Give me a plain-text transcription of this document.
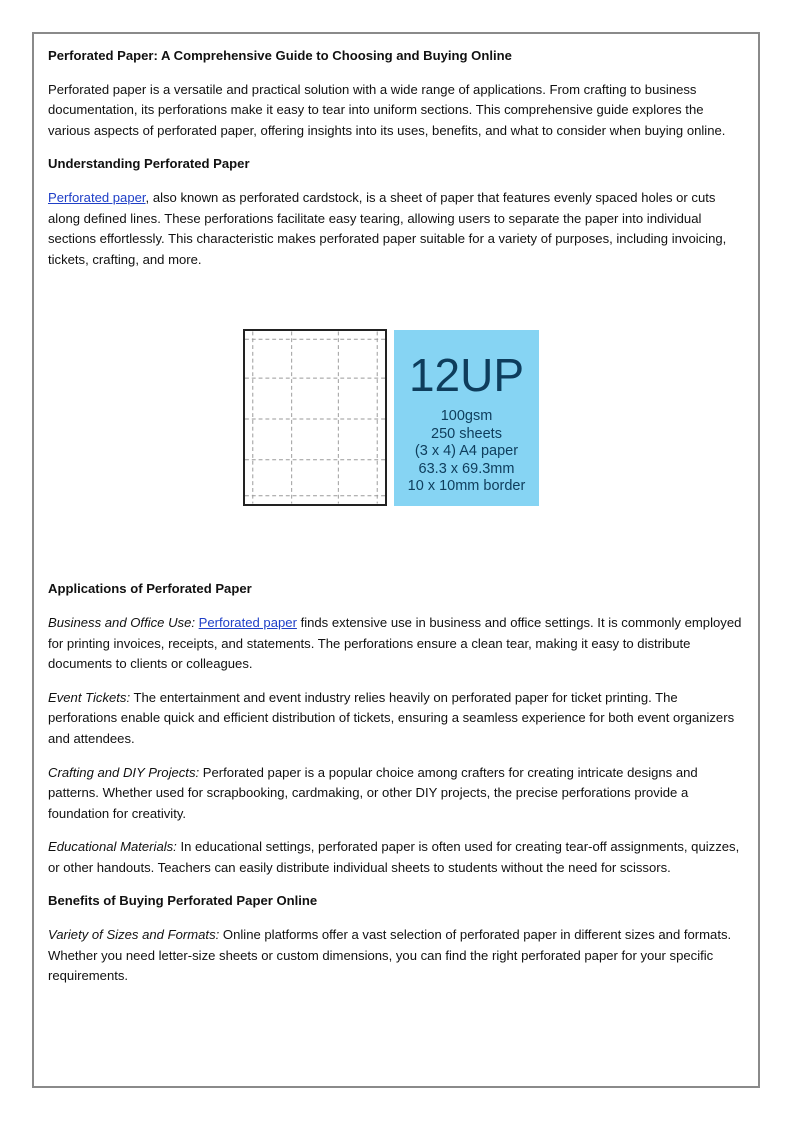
Perforated Paper: A Comprehensive Guide to Choosing and Buying Online

Perforated paper is a versatile and practical solution with a wide range of applications. From crafting to business documentation, its perforations make it easy to tear into uniform sections. This comprehensive guide explores the various aspects of perforated paper, offering insights into its uses, benefits, and what to consider when buying online.

Understanding Perforated Paper

Perforated paper, also known as perforated cardstock, is a sheet of paper that features evenly spaced holes or cuts along defined lines. These perforations facilitate easy tearing, allowing users to separate the paper into individual sections effortlessly. This characteristic makes perforated paper suitable for a variety of purposes, including invoicing, tickets, crafting, and more.

12UP
100gsm
250 sheets
(3 x 4) A4 paper
63.3 x 69.3mm
10 x 10mm border
Applications of Perforated Paper

Business and Office Use: Perforated paper finds extensive use in business and office settings. It is commonly employed for printing invoices, receipts, and statements. The perforations ensure a clean tear, making it easy to distribute documents to clients or colleagues.

Event Tickets: The entertainment and event industry relies heavily on perforated paper for ticket printing. The perforations enable quick and efficient distribution of tickets, ensuring a seamless experience for both event organizers and attendees.

Crafting and DIY Projects: Perforated paper is a popular choice among crafters for creating intricate designs and patterns. Whether used for scrapbooking, cardmaking, or other DIY projects, the precise perforations provide a foundation for creativity.

Educational Materials: In educational settings, perforated paper is often used for creating tear-off assignments, quizzes, or other handouts. Teachers can easily distribute individual sheets to students without the need for scissors.

Benefits of Buying Perforated Paper Online

Variety of Sizes and Formats: Online platforms offer a vast selection of perforated paper in different sizes and formats. Whether you need letter-size sheets or custom dimensions, you can find the right perforated paper for your specific requirements.
